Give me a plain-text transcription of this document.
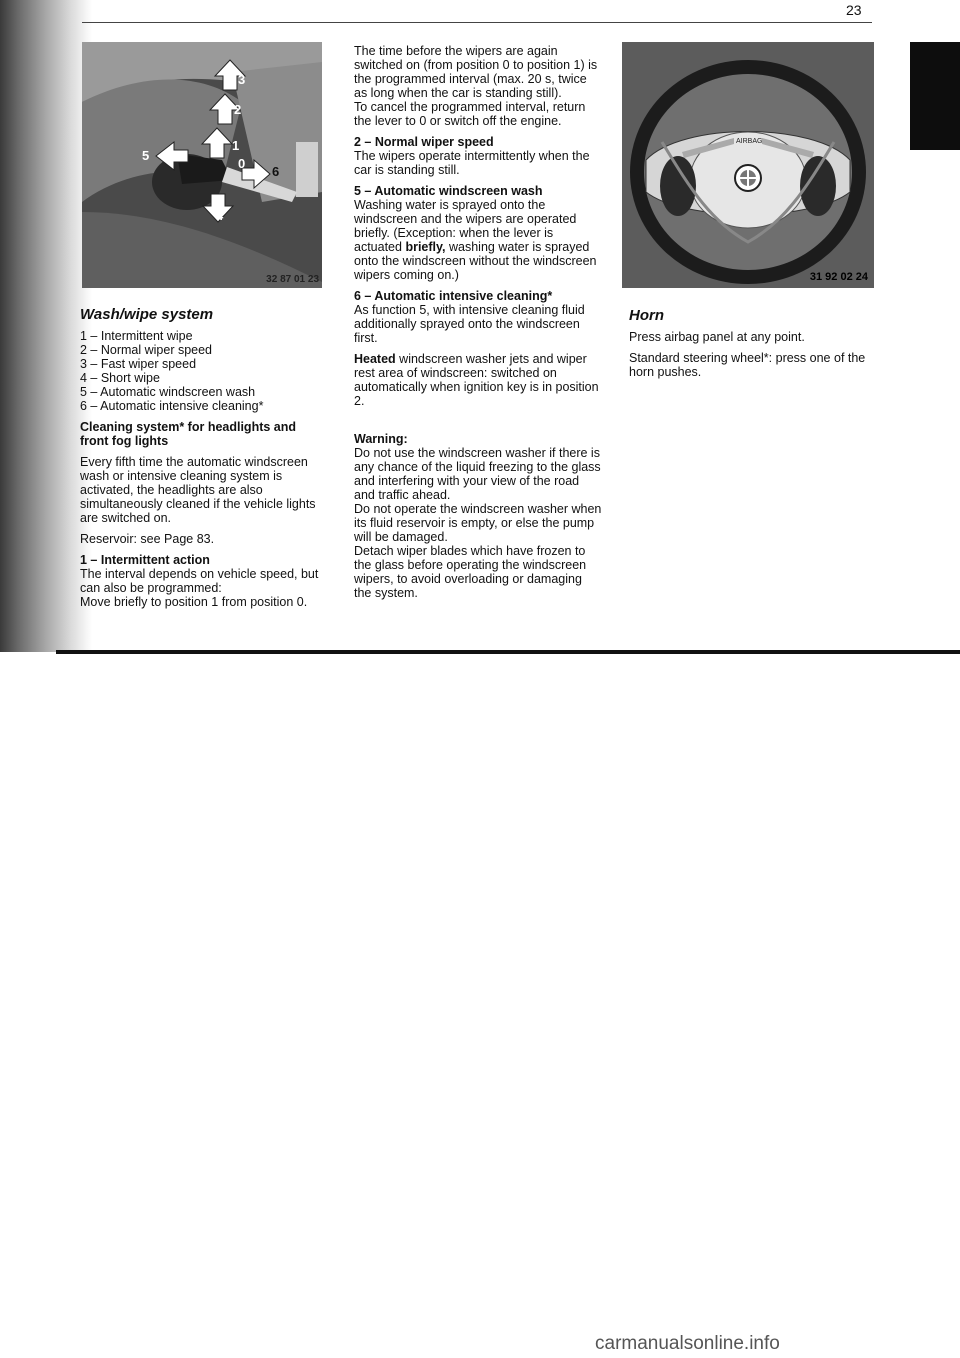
23
3
2
1
5
0
6
4
32 87 01 23
AIRBAG
31 92 02 24

Wash/wipe system

1 – Intermittent wipe
2 – Normal wiper speed
3 – Fast wiper speed
4 – Short wipe
5 – Automatic windscreen wash
6 – Automatic intensive cleaning*

Cleaning system* for headlights and front fog lights

Every fifth time the automatic windscreen wash or intensive cleaning system is activated, the headlights are also simultaneously cleaned if the vehicle lights are switched on.

Reservoir: see Page 83.

1 – Intermittent action

The interval depends on vehicle speed, but can also be programmed:

Move briefly to position 1 from position 0.

The time before the wipers are again switched on (from position 0 to position 1) is the programmed interval (max. 20 s, twice as long when the car is standing still).

To cancel the programmed interval, return the lever to 0 or switch off the engine.

2 – Normal wiper speed

The wipers operate intermittently when the car is standing still.

5 – Automatic windscreen wash

Washing water is sprayed onto the windscreen and the wipers are operated briefly. (Exception: when the lever is actuated briefly, washing water is sprayed onto the windscreen without the windscreen wipers coming on.)

6 – Automatic intensive cleaning*

As function 5, with intensive cleaning fluid additionally sprayed onto the windscreen first.

Heated windscreen washer jets and wiper rest area of windscreen: switched on automatically when ignition key is in position 2.

Warning:

Do not use the windscreen washer if there is any chance of the liquid freezing to the glass and interfering with your view of the road and traffic ahead.

Do not operate the windscreen washer when its fluid reservoir is empty, or else the pump will be damaged.

Detach wiper blades which have frozen to the glass before operating the windscreen wipers, to avoid overloading or damaging the system.

Horn

Press airbag panel at any point.

Standard steering wheel*: press one of the horn pushes.

carmanualsonline.info
